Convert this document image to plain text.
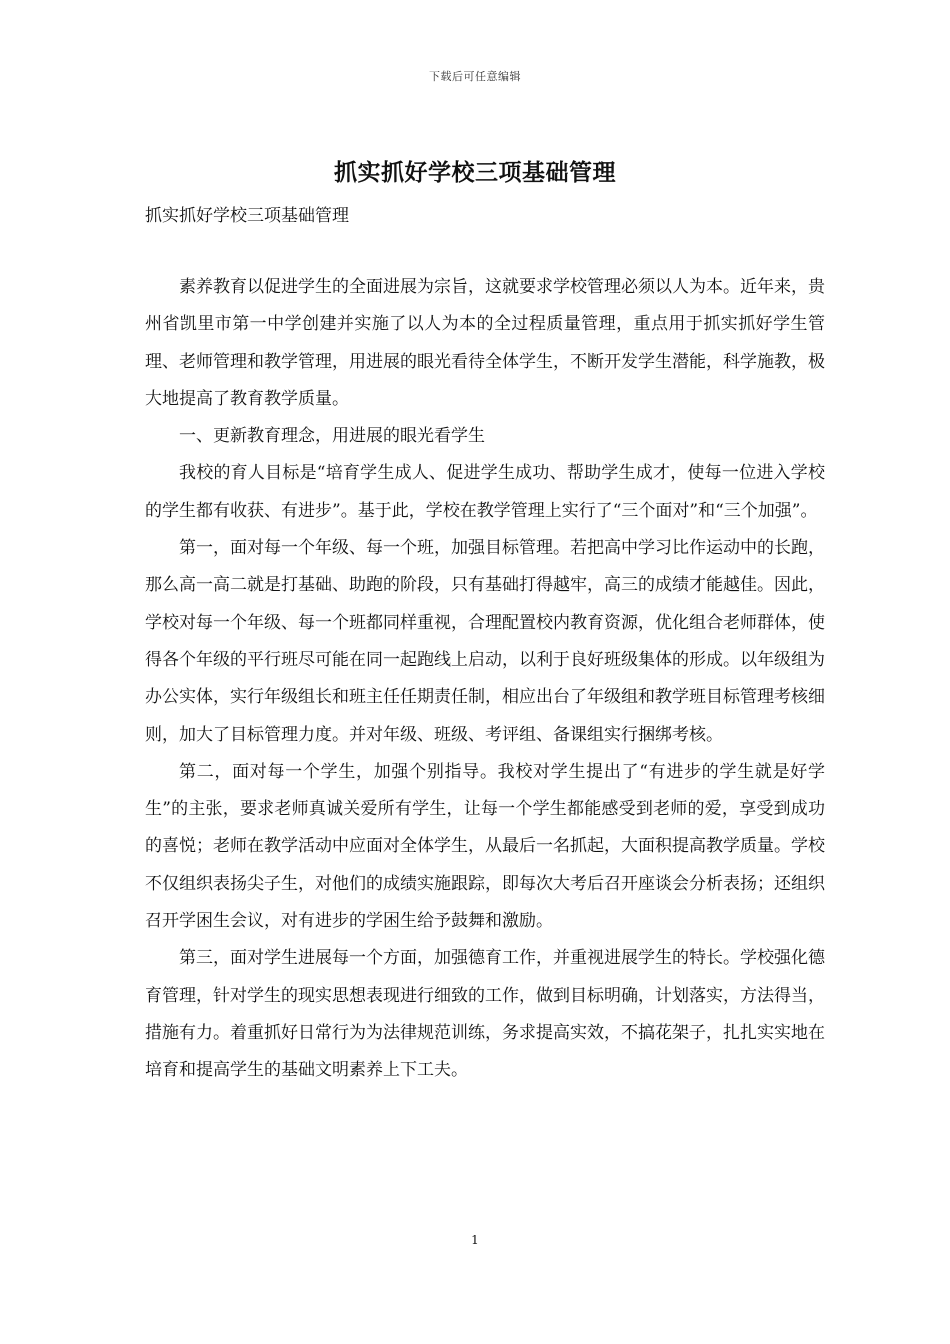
下载后可任意编辑
抓实抓好学校三项基础管理
抓实抓好学校三项基础管理

素养教育以促进学生的全面进展为宗旨，这就要求学校管理必须以人为本。近年来，贵州省凯里市第一中学创建并实施了以人为本的全过程质量管理，重点用于抓实抓好学生管理、老师管理和教学管理，用进展的眼光看待全体学生，不断开发学生潜能，科学施教，极大地提高了教育教学质量。

一、更新教育理念，用进展的眼光看学生

我校的育人目标是“培育学生成人、促进学生成功、帮助学生成才，使每一位进入学校的学生都有收获、有进步”。基于此，学校在教学管理上实行了“三个面对”和“三个加强”。

第一，面对每一个年级、每一个班，加强目标管理。若把高中学习比作运动中的长跑，那么高一高二就是打基础、助跑的阶段，只有基础打得越牢，高三的成绩才能越佳。因此，学校对每一个年级、每一个班都同样重视，合理配置校内教育资源，优化组合老师群体，使得各个年级的平行班尽可能在同一起跑线上启动，以利于良好班级集体的形成。以年级组为办公实体，实行年级组长和班主任任期责任制，相应出台了年级组和教学班目标管理考核细则，加大了目标管理力度。并对年级、班级、考评组、备课组实行捆绑考核。

第二，面对每一个学生，加强个别指导。我校对学生提出了“有进步的学生就是好学生”的主张，要求老师真诚关爱所有学生，让每一个学生都能感受到老师的爱，享受到成功的喜悦；老师在教学活动中应面对全体学生，从最后一名抓起，大面积提高教学质量。学校不仅组织表扬尖子生，对他们的成绩实施跟踪，即每次大考后召开座谈会分析表扬；还组织召开学困生会议，对有进步的学困生给予鼓舞和激励。

第三，面对学生进展每一个方面，加强德育工作，并重视进展学生的特长。学校强化德育管理，针对学生的现实思想表现进行细致的工作，做到目标明确，计划落实，方法得当，措施有力。着重抓好日常行为为法律规范训练，务求提高实效，不搞花架子，扎扎实实地在培育和提高学生的基础文明素养上下工夫。

1
